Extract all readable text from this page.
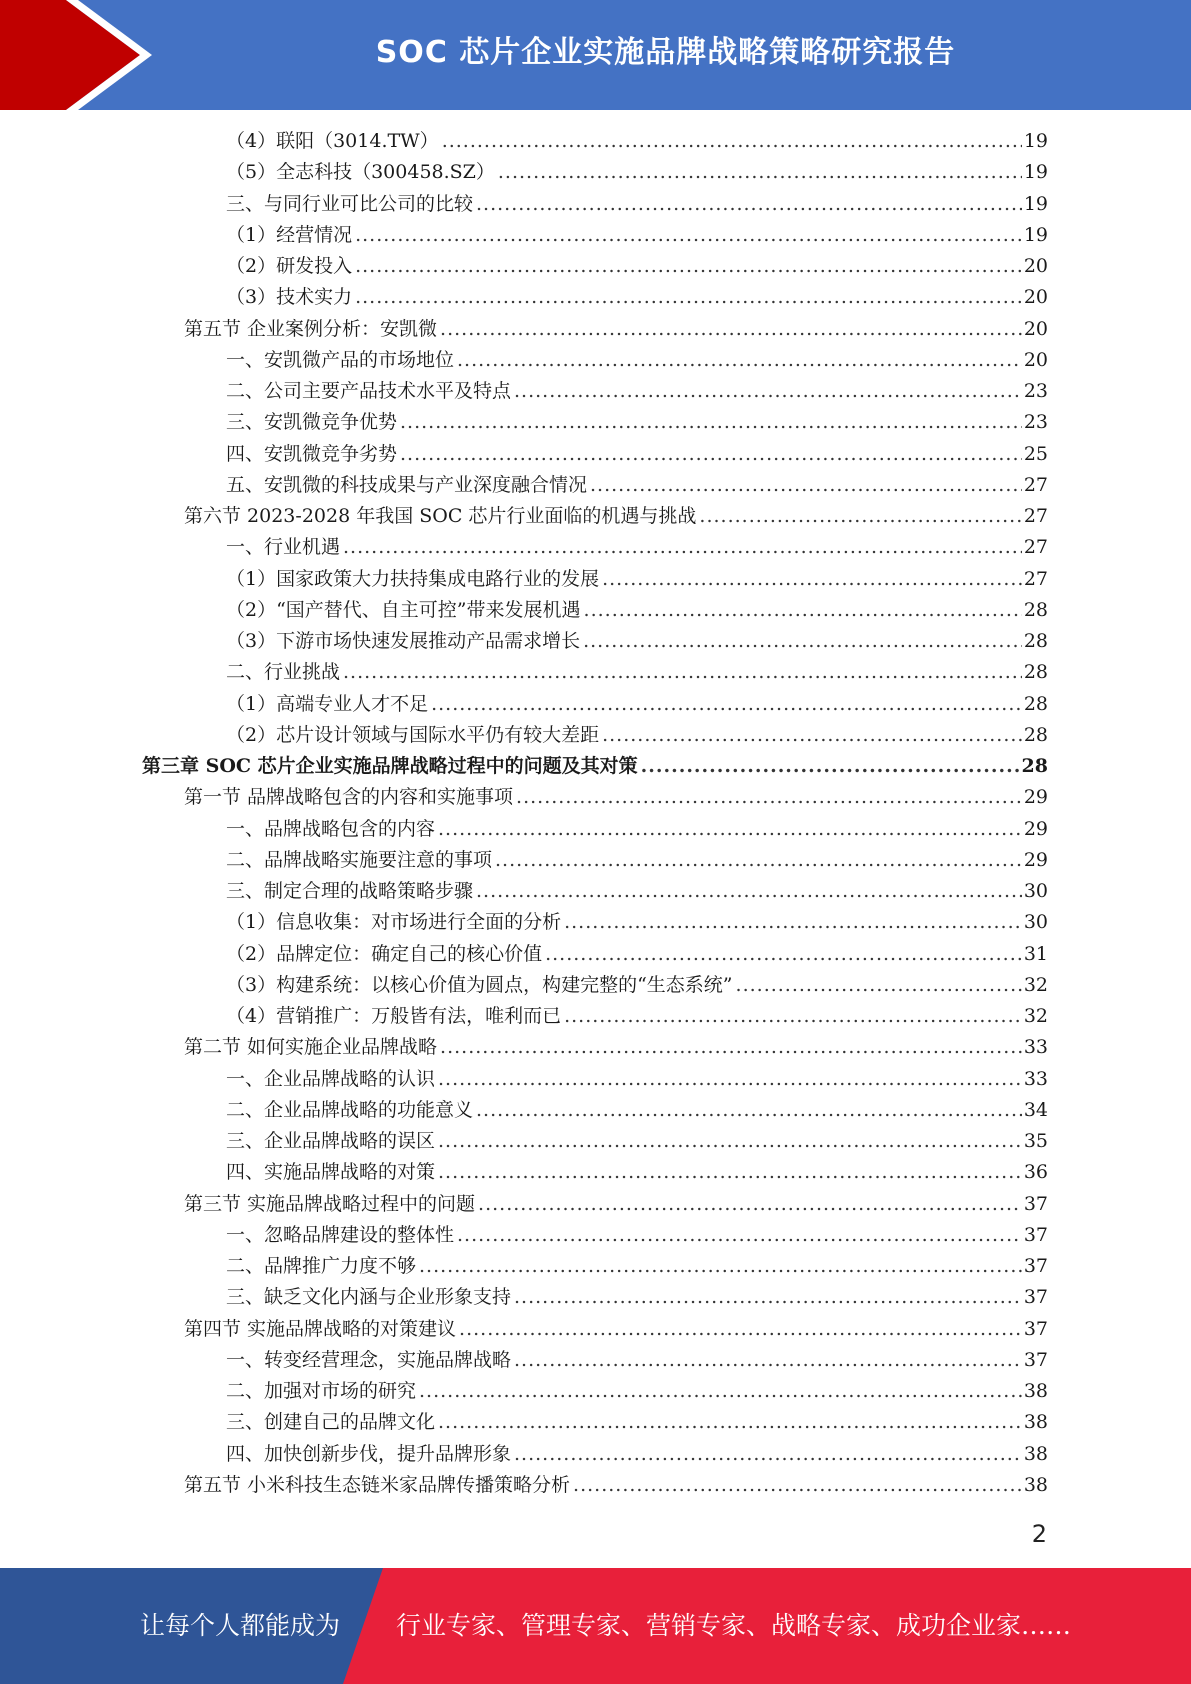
SOC 芯片企业实施品牌战略策略研究报告
（4）联阳（3014.TW） .....	19
（5）全志科技（300458.SZ） .....	19
三、与同行业可比公司的比较 .....	19
（1）经营情况 .....	19
（2）研发投入 .....	20
（3）技术实力 .....	20
第五节 企业案例分析：安凯微 .....	20
一、安凯微产品的市场地位 .....	20
二、公司主要产品技术水平及特点 .....	23
三、安凯微竞争优势 .....	23
四、安凯微竞争劣势 .....	25
五、安凯微的科技成果与产业深度融合情况 .....	27
第六节 2023-2028 年我国 SOC 芯片行业面临的机遇与挑战 .....	27
一、行业机遇 .....	27
（1）国家政策大力扶持集成电路行业的发展 .....	27
（2）“国产替代、自主可控”带来发展机遇 .....	28
（3）下游市场快速发展推动产品需求增长 .....	28
二、行业挑战 .....	28
（1）高端专业人才不足 .....	28
（2）芯片设计领域与国际水平仍有较大差距 .....	28
第三章 SOC 芯片企业实施品牌战略过程中的问题及其对策 .....	28
第一节 品牌战略包含的内容和实施事项 .....	29
一、品牌战略包含的内容 .....	29
二、品牌战略实施要注意的事项 .....	29
三、制定合理的战略策略步骤 .....	30
（1）信息收集：对市场进行全面的分析 .....	30
（2）品牌定位：确定自己的核心价值 .....	31
（3）构建系统：以核心价值为圆点，构建完整的“生态系统” .....	32
（4）营销推广：万般皆有法，唯利而已 .....	32
第二节 如何实施企业品牌战略 .....	33
一、企业品牌战略的认识 .....	33
二、企业品牌战略的功能意义 .....	34
三、企业品牌战略的误区 .....	35
四、实施品牌战略的对策 .....	36
第三节 实施品牌战略过程中的问题 .....	37
一、忽略品牌建设的整体性 .....	37
二、品牌推广力度不够 .....	37
三、缺乏文化内涵与企业形象支持 .....	37
第四节 实施品牌战略的对策建议 .....	37
一、转变经营理念，实施品牌战略 .....	37
二、加强对市场的研究 .....	38
三、创建自己的品牌文化 .....	38
四、加快创新步伐，提升品牌形象 .....	38
第五节 小米科技生态链米家品牌传播策略分析 .....	38
2
让每个人都能成为 行业专家、管理专家、营销专家、战略专家、成功企业家……
